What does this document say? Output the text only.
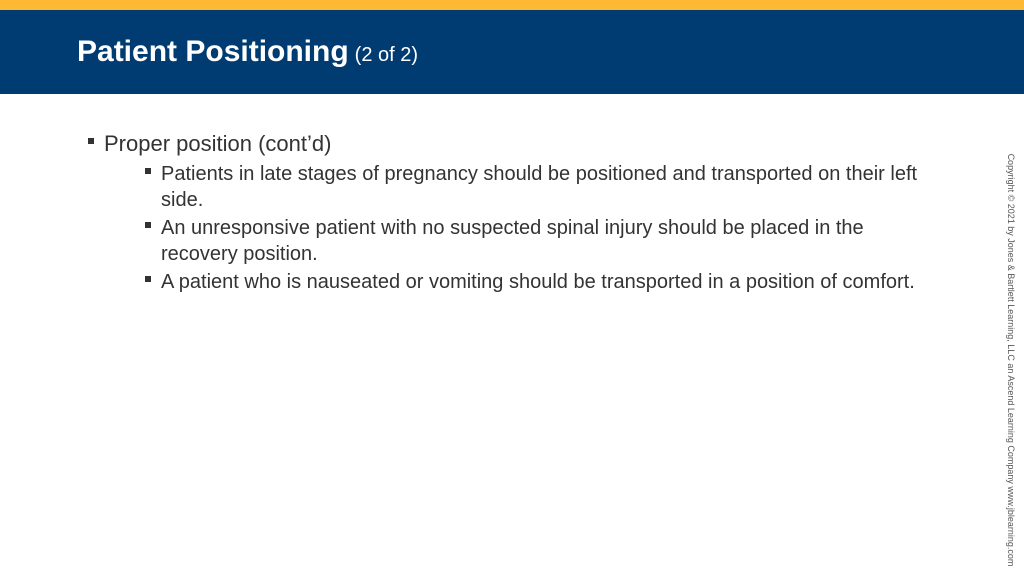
Patient Positioning (2 of 2)
Proper position (cont’d)
Patients in late stages of pregnancy should be positioned and transported on their left side.
An unresponsive patient with no suspected spinal injury should be placed in the recovery position.
A patient who is nauseated or vomiting should be transported in a position of comfort.	Copyright © 2021 by Jones & Bartlett Learning, LLC an Ascend Learning Company www.jblearning.com
